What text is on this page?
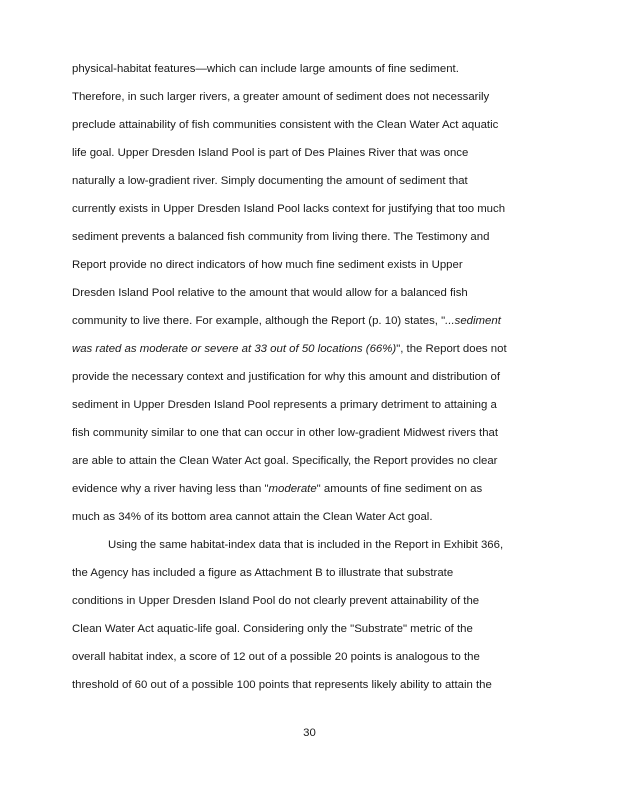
physical-habitat features—which can include large amounts of fine sediment.
Therefore, in such larger rivers, a greater amount of sediment does not necessarily
preclude attainability of fish communities consistent with the Clean Water Act aquatic
life goal. Upper Dresden Island Pool is part of Des Plaines River that was once
naturally a low-gradient river. Simply documenting the amount of sediment that
currently exists in Upper Dresden Island Pool lacks context for justifying that too much
sediment prevents a balanced fish community from living there. The Testimony and
Report provide no direct indicators of how much fine sediment exists in Upper
Dresden Island Pool relative to the amount that would allow for a balanced fish
community to live there. For example, although the Report (p. 10) states, "...sediment
was rated as moderate or severe at 33 out of 50 locations (66%)", the Report does not
provide the necessary context and justification for why this amount and distribution of
sediment in Upper Dresden Island Pool represents a primary detriment to attaining a
fish community similar to one that can occur in other low-gradient Midwest rivers that
are able to attain the Clean Water Act goal. Specifically, the Report provides no clear
evidence why a river having less than "moderate" amounts of fine sediment on as
much as 34% of its bottom area cannot attain the Clean Water Act goal.
Using the same habitat-index data that is included in the Report in Exhibit 366,
the Agency has included a figure as Attachment B to illustrate that substrate
conditions in Upper Dresden Island Pool do not clearly prevent attainability of the
Clean Water Act aquatic-life goal. Considering only the "Substrate" metric of the
overall habitat index, a score of 12 out of a possible 20 points is analogous to the
threshold of 60 out of a possible 100 points that represents likely ability to attain the
30
